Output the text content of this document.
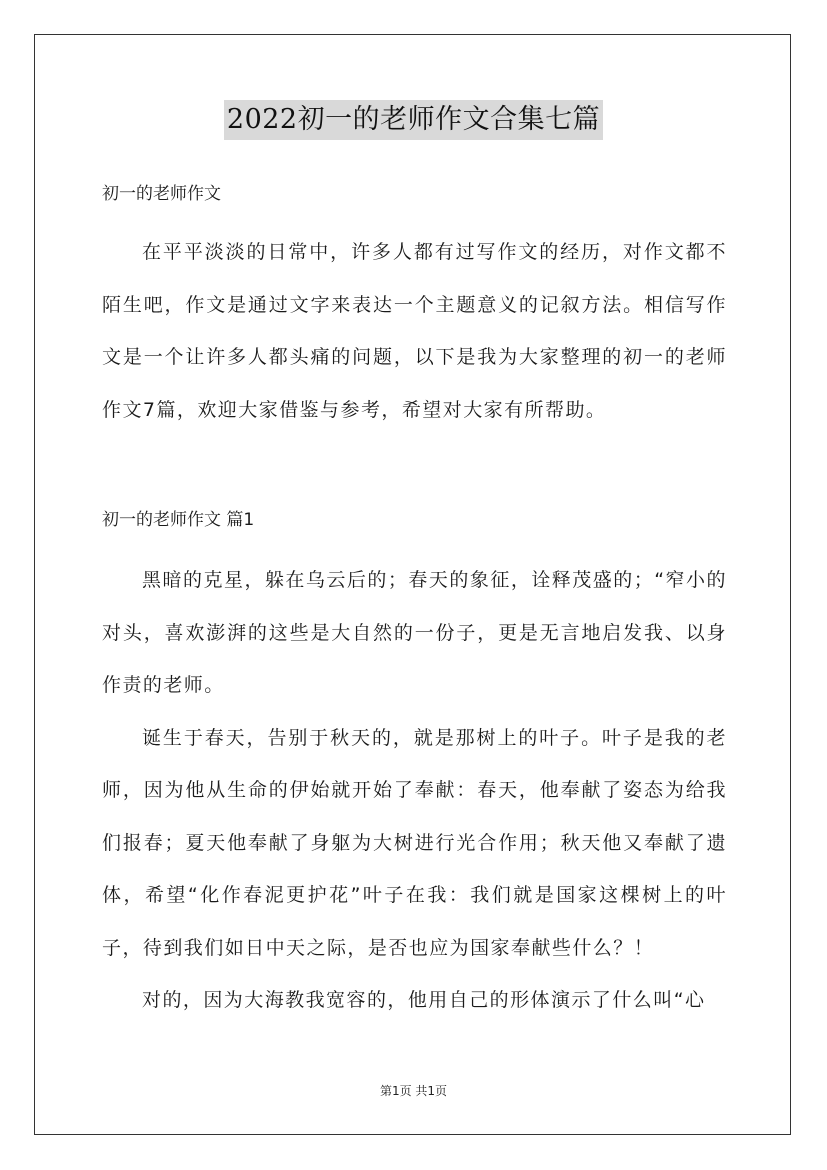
2022初一的老师作文合集七篇

初一的老师作文

在平平淡淡的日常中，许多人都有过写作文的经历，对作文都不陌生吧，作文是通过文字来表达一个主题意义的记叙方法。相信写作文是一个让许多人都头痛的问题，以下是我为大家整理的初一的老师作文7篇，欢迎大家借鉴与参考，希望对大家有所帮助。

初一的老师作文 篇1

黑暗的克星，躲在乌云后的；春天的象征，诠释茂盛的；“窄小的对头，喜欢澎湃的这些是大自然的一份子，更是无言地启发我、以身作责的老师。

诞生于春天，告别于秋天的，就是那树上的叶子。叶子是我的老师，因为他从生命的伊始就开始了奉献：春天，他奉献了姿态为给我们报春；夏天他奉献了身躯为大树进行光合作用；秋天他又奉献了遗体，希望“化作春泥更护花”叶子在我：我们就是国家这棵树上的叶子，待到我们如日中天之际，是否也应为国家奉献些什么？！

对的，因为大海教我宽容的，他用自己的形体演示了什么叫“心

第1页 共1页
